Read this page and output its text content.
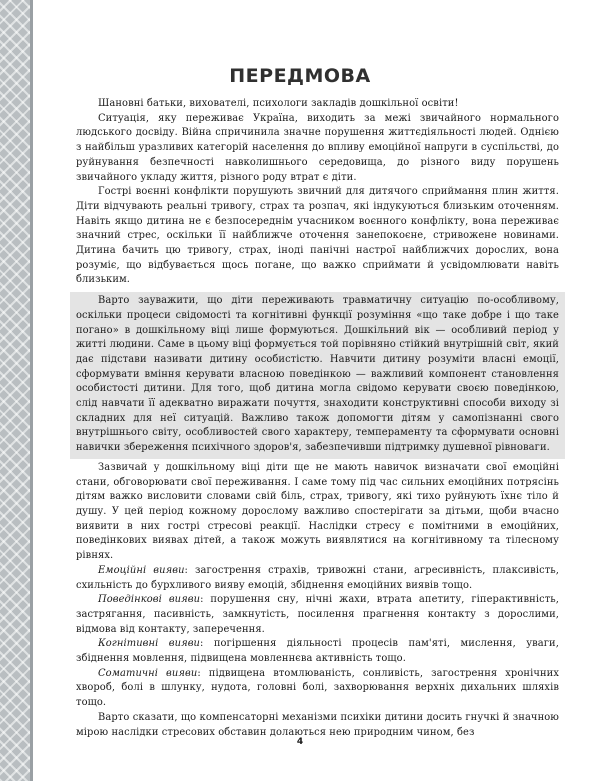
ПЕРЕДМОВА

Шановні батьки, вихователі, психологи закладів дошкільної освіти!

Ситуація, яку переживає Україна, виходить за межі звичайного нормального людського досвіду. Війна спричинила значне порушення життєдіяльності людей. Однією з найбільш уразливих категорій населення до впливу емоційної напруги в суспільстві, до руйнування безпечності навколишнього середовища, до різного виду порушень звичайного укладу життя, різного роду втрат є діти.

Гострі воєнні конфлікти порушують звичний для дитячого сприймання плин життя. Діти відчувають реальні тривогу, страх та розпач, які індукуються близьким оточенням. Навіть якщо дитина не є безпосереднім учасником воєнного конфлікту, вона переживає значний стрес, оскільки її найближче оточення занепокоєне, стривожене новинами. Дитина бачить цю тривогу, страх, іноді панічні настрої найближчих дорослих, вона розуміє, що відбувається щось погане, що важко сприймати й усвідомлювати навіть близьким.

Варто зауважити, що діти переживають травматичну ситуацію по-особливому, оскільки процеси свідомості та когнітивні функції розуміння «що таке добре і що таке погано» в дошкільному віці лише формуються. Дошкільний вік — особливий період у житті людини. Саме в цьому віці формується той порівняно стійкий внутрішній світ, який дає підстави називати дитину особистістю. Навчити дитину розуміти власні емоції, сформувати вміння керувати власною поведінкою — важливий компонент становлення особистості дитини. Для того, щоб дитина могла свідомо керувати своєю поведінкою, слід навчати її адекватно виражати почуття, знаходити конструктивні способи виходу зі складних для неї ситуацій. Важливо також допомогти дітям у самопізнанні свого внутрішнього світу, особливостей свого характеру, темпераменту та сформувати основні навички збереження психічного здоров'я, забезпечивши підтримку душевної рівноваги.

Зазвичай у дошкільному віці діти ще не мають навичок визначати свої емоційні стани, обговорювати свої переживання. І саме тому під час сильних емоційних потрясінь дітям важко висловити словами свій біль, страх, тривогу, які тихо руйнують їхнє тіло й душу. У цей період кожному дорослому важливо спостерігати за дітьми, щоби вчасно виявити в них гострі стресові реакції. Наслідки стресу є помітними в емоційних, поведінкових виявах дітей, а також можуть виявлятися на когнітивному та тілесному рівнях.

Емоційні вияви: загострення страхів, тривожні стани, агресивність, плаксивість, схильність до бурхливого вияву емоцій, збіднення емоційних виявів тощо.

Поведінкові вияви: порушення сну, нічні жахи, втрата апетиту, гіперактивність, застрягання, пасивність, замкнутість, посилення прагнення контакту з дорослими, відмова від контакту, заперечення.

Когнітивні вияви: погіршення діяльності процесів пам'яті, мислення, уваги, збіднення мовлення, підвищена мовленнєва активність тощо.

Соматичні вияви: підвищена втомлюваність, сонливість, загострення хронічних хвороб, болі в шлунку, нудота, головні болі, захворювання верхніх дихальних шляхів тощо.

Варто сказати, що компенсаторні механізми психіки дитини досить гнучкі й значною мірою наслідки стресових обставин долаються нею природним чином, без

4
